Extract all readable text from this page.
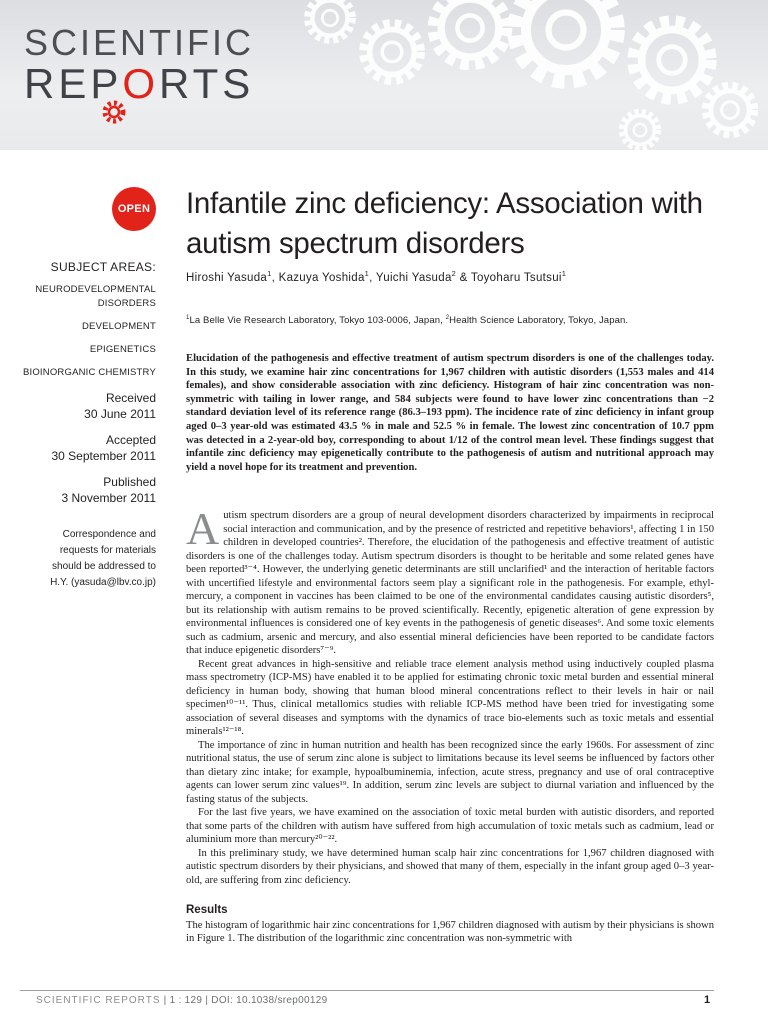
SCIENTIFIC
REPORTS
OPEN
SUBJECT AREAS:
NEURODEVELOPMENTAL DISORDERS
DEVELOPMENT
EPIGENETICS
BIOINORGANIC CHEMISTRY
Received
30 June 2011
Accepted
30 September 2011
Published
3 November 2011
Correspondence and requests for materials should be addressed to H.Y. (yasuda@lbv.co.jp)
Infantile zinc deficiency: Association with autism spectrum disorders
Hiroshi Yasuda$^1$, Kazuya Yoshida$^1$, Yuichi Yasuda$^2$ & Toyoharu Tsutsui$^1$
$^1$La Belle Vie Research Laboratory, Tokyo 103-0006, Japan, $^2$Health Science Laboratory, Tokyo, Japan.
Elucidation of the pathogenesis and effective treatment of autism spectrum disorders is one of the challenges today. In this study, we examine hair zinc concentrations for 1,967 children with autistic disorders (1,553 males and 414 females), and show considerable association with zinc deficiency. Histogram of hair zinc concentration was non-symmetric with tailing in lower range, and 584 subjects were found to have lower zinc concentrations than −2 standard deviation level of its reference range (86.3–193 ppm). The incidence rate of zinc deficiency in infant group aged 0–3 year-old was estimated 43.5 % in male and 52.5 % in female. The lowest zinc concentration of 10.7 ppm was detected in a 2-year-old boy, corresponding to about 1/12 of the control mean level. These findings suggest that infantile zinc deficiency may epigenetically contribute to the pathogenesis of autism and nutritional approach may yield a novel hope for its treatment and prevention.

Autism spectrum disorders are a group of neural development disorders characterized by impairments in reciprocal social interaction and communication, and by the presence of restricted and repetitive behaviors¹, affecting 1 in 150 children in developed countries². Therefore, the elucidation of the pathogenesis and effective treatment of autistic disorders is one of the challenges today. Autism spectrum disorders is thought to be heritable and some related genes have been reported³⁻⁴. However, the underlying genetic determinants are still unclarified¹ and the interaction of heritable factors with uncertified lifestyle and environmental factors seem play a significant role in the pathogenesis. For example, ethyl-mercury, a component in vaccines has been claimed to be one of the environmental candidates causing autistic disorders⁵, but its relationship with autism remains to be proved scientifically. Recently, epigenetic alteration of gene expression by environmental influences is considered one of key events in the pathogenesis of genetic diseases⁶. And some toxic elements such as cadmium, arsenic and mercury, and also essential mineral deficiencies have been reported to be candidate factors that induce epigenetic disorders⁷⁻⁹.

Recent great advances in high-sensitive and reliable trace element analysis method using inductively coupled plasma mass spectrometry (ICP-MS) have enabled it to be applied for estimating chronic toxic metal burden and essential mineral deficiency in human body, showing that human blood mineral concentrations reflect to their levels in hair or nail specimen¹⁰⁻¹¹. Thus, clinical metallomics studies with reliable ICP-MS method have been tried for investigating some association of several diseases and symptoms with the dynamics of trace bio-elements such as toxic metals and essential minerals¹²⁻¹⁸.

The importance of zinc in human nutrition and health has been recognized since the early 1960s. For assessment of zinc nutritional status, the use of serum zinc alone is subject to limitations because its level seems be influenced by factors other than dietary zinc intake; for example, hypoalbuminemia, infection, acute stress, pregnancy and use of oral contraceptive agents can lower serum zinc values¹⁹. In addition, serum zinc levels are subject to diurnal variation and influenced by the fasting status of the subjects.

For the last five years, we have examined on the association of toxic metal burden with autistic disorders, and reported that some parts of the children with autism have suffered from high accumulation of toxic metals such as cadmium, lead or aluminium more than mercury²⁰⁻²².

In this preliminary study, we have determined human scalp hair zinc concentrations for 1,967 children diagnosed with autistic spectrum disorders by their physicians, and showed that many of them, especially in the infant group aged 0–3 year-old, are suffering from zinc deficiency.

Results

The histogram of logarithmic hair zinc concentrations for 1,967 children diagnosed with autism by their physicians is shown in Figure 1. The distribution of the logarithmic zinc concentration was non-symmetric with

SCIENTIFIC REPORTS | 1 : 129 | DOI: 10.1038/srep00129	1
